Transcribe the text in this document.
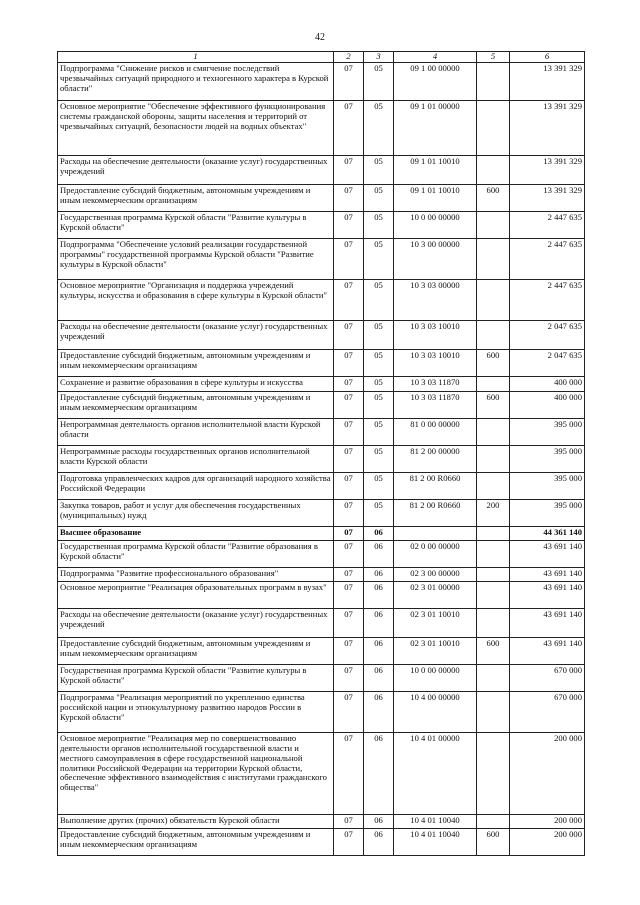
42
1	2	3	4	5	6
Подпрограмма "Снижение рисков и смягчение последствий чрезвычайных ситуаций природного и техногенного характера в Курской области"	07	05	09 1 00 00000		13 391 329
Основное мероприятие "Обеспечение эффективного функционирования системы гражданской обороны, защиты населения и территорий от чрезвычайных ситуаций, безопасности людей на водных объектах"	07	05	09 1 01 00000		13 391 329
Расходы на обеспечение деятельности (оказание услуг) государственных учреждений	07	05	09 1 01 10010		13 391 329
Предоставление субсидий бюджетным, автономным учреждениям и иным некоммерческим организациям	07	05	09 1 01 10010	600	13 391 329
Государственная программа Курской области "Развитие культуры в Курской области"	07	05	10 0 00 00000		2 447 635
Подпрограмма "Обеспечение условий реализации государственной программы" государственной программы Курской области "Развитие культуры в Курской области"	07	05	10 3 00 00000		2 447 635
Основное мероприятие "Организация и поддержка учреждений культуры, искусства и образования в сфере культуры в Курской области"	07	05	10 3 03 00000		2 447 635
Расходы на обеспечение деятельности (оказание услуг) государственных учреждений	07	05	10 3 03 10010		2 047 635
Предоставление субсидий бюджетным, автономным учреждениям и иным некоммерческим организациям	07	05	10 3 03 10010	600	2 047 635
Сохранение и развитие образования в сфере культуры и искусства	07	05	10 3 03 11870		400 000
Предоставление субсидий бюджетным, автономным учреждениям и иным некоммерческим организациям	07	05	10 3 03 11870	600	400 000
Непрограммная деятельность органов исполнительной власти Курской области	07	05	81 0 00 00000		395 000
Непрограммные расходы государственных органов исполнительной власти Курской области	07	05	81 2 00 00000		395 000
Подготовка управленческих кадров для организаций народного хозяйства Российской Федерации	07	05	81 2 00 R0660		395 000
Закупка товаров, работ и услуг для обеспечения государственных (муниципальных) нужд	07	05	81 2 00 R0660	200	395 000
Высшее образование	07	06			44 361 140
Государственная программа Курской области "Развитие образования в Курской области"	07	06	02 0 00 00000		43 691 140
Подпрограмма "Развитие профессионального образования"	07	06	02 3 00 00000		43 691 140
Основное мероприятие "Реализация образовательных программ в вузах"	07	06	02 3 01 00000		43 691 140
Расходы на обеспечение деятельности (оказание услуг) государственных учреждений	07	06	02 3 01 10010		43 691 140
Предоставление субсидий бюджетным, автономным учреждениям и иным некоммерческим организациям	07	06	02 3 01 10010	600	43 691 140
Государственная программа Курской области "Развитие культуры в Курской области"	07	06	10 0 00 00000		670 000
Подпрограмма "Реализация мероприятий по укреплению единства российской нации и этнокультурному развитию народов России в Курской области"	07	06	10 4 00 00000		670 000
Основное мероприятие "Реализация мер по совершенствованию деятельности органов исполнительной государственной власти и местного самоуправления в сфере государственной национальной политики Российской Федерации на территории Курской области, обеспечение эффективного взаимодействия с институтами гражданского общества"	07	06	10 4 01 00000		200 000
Выполнение других (прочих) обязательств Курской области	07	06	10 4 01 10040		200 000
Предоставление субсидий бюджетным, автономным учреждениям и иным некоммерческим организациям	07	06	10 4 01 10040	600	200 000
